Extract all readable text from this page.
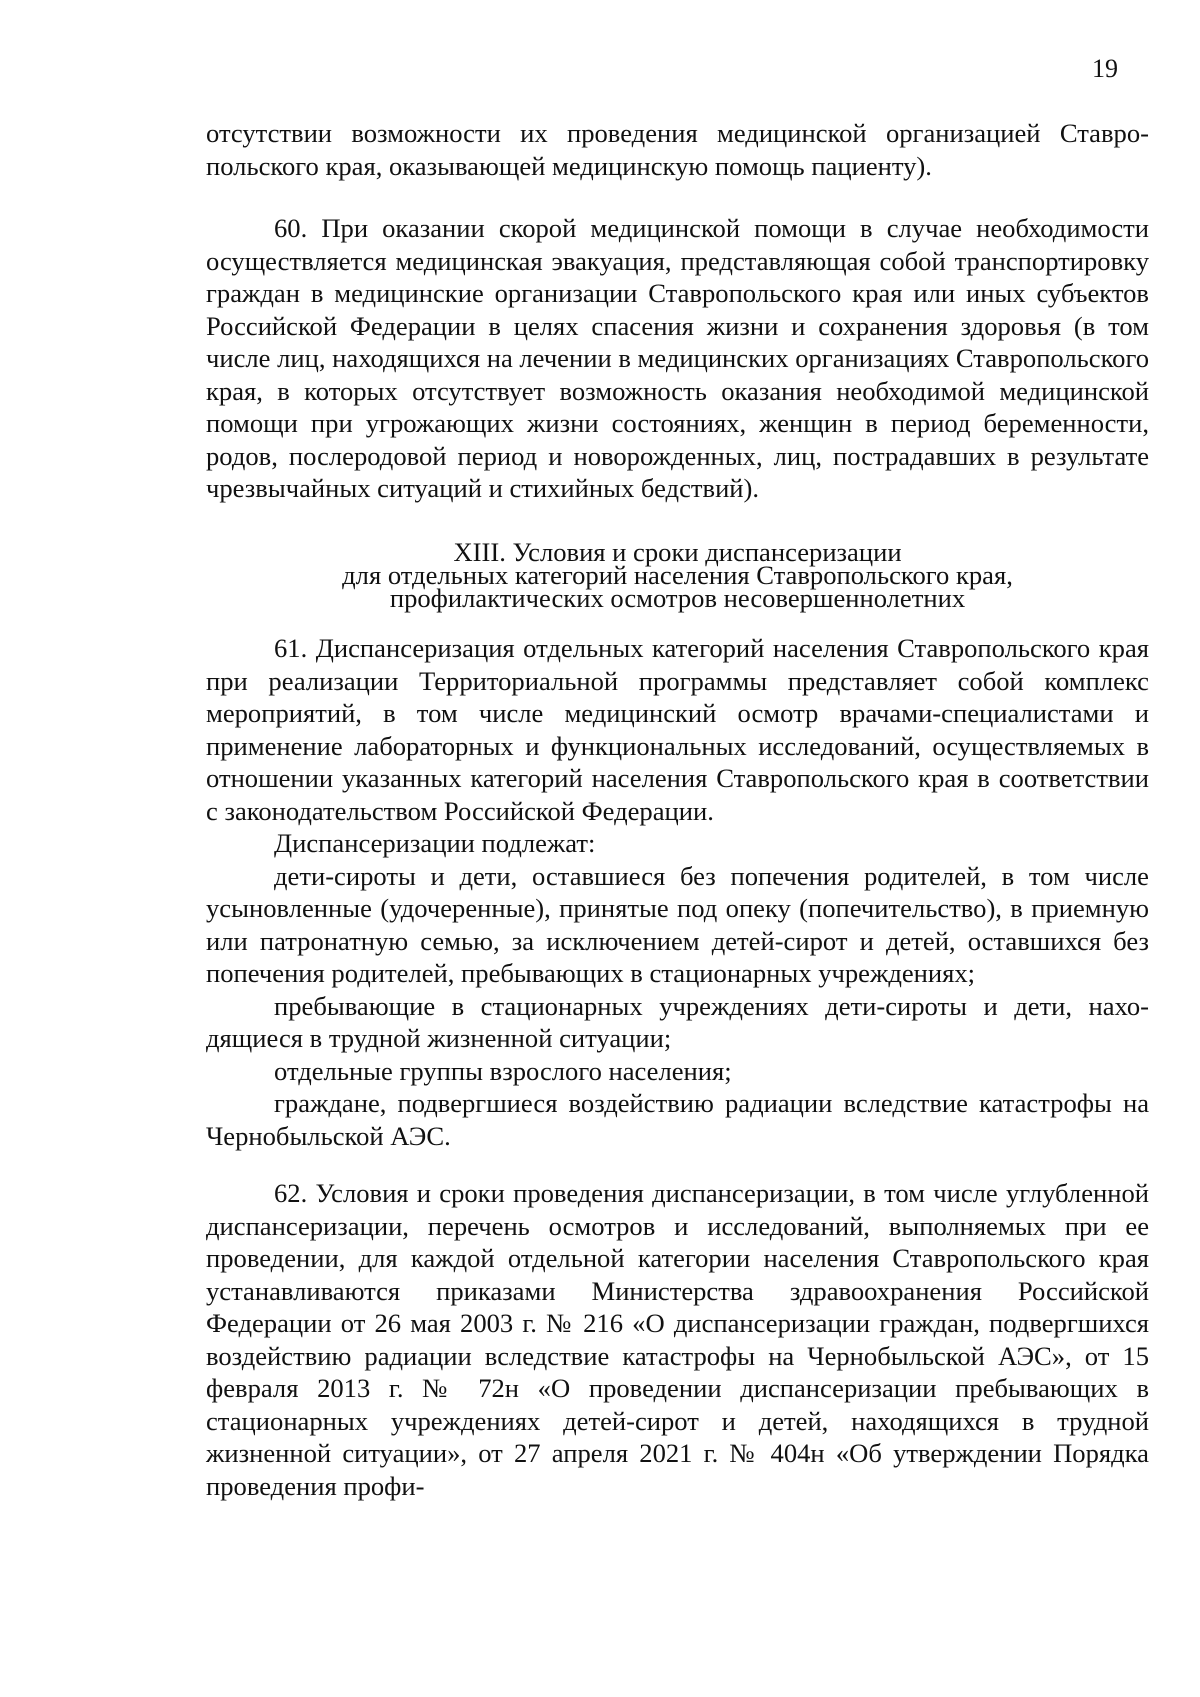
19

отсутствии возможности их проведения медицинской организацией Ставропольского края, оказывающей медицинскую помощь пациенту).

60. При оказании скорой медицинской помощи в случае необходимости осуществляется медицинская эвакуация, представляющая собой транспортировку граждан в медицинские организации Ставропольского края или иных субъектов Российской Федерации в целях спасения жизни и сохранения здоровья (в том числе лиц, находящихся на лечении в медицинских организациях Ставропольского края, в которых отсутствует возможность оказания необходимой медицинской помощи при угрожающих жизни состояниях, женщин в период беременности, родов, послеродовой период и новорожденных, лиц, пострадавших в результате чрезвычайных ситуаций и стихийных бедствий).

XIII. Условия и сроки диспансеризации
для отдельных категорий населения Ставропольского края,
профилактических осмотров несовершеннолетних

61. Диспансеризация отдельных категорий населения Ставропольского края при реализации Территориальной программы представляет собой комплекс мероприятий, в том числе медицинский осмотр врачами-специалистами и применение лабораторных и функциональных исследований, осуществляемых в отношении указанных категорий населения Ставропольского края в соответствии с законодательством Российской Федерации.

Диспансеризации подлежат:

дети-сироты и дети, оставшиеся без попечения родителей, в том числе усыновленные (удочеренные), принятые под опеку (попечительство), в приемную или патронатную семью, за исключением детей-сирот и детей, оставшихся без попечения родителей, пребывающих в стационарных учреждениях;

пребывающие в стационарных учреждениях дети-сироты и дети, находящиеся в трудной жизненной ситуации;

отдельные группы взрослого населения;

граждане, подвергшиеся воздействию радиации вследствие катастрофы на Чернобыльской АЭС.

62. Условия и сроки проведения диспансеризации, в том числе углубленной диспансеризации, перечень осмотров и исследований, выполняемых при ее проведении, для каждой отдельной категории населения Ставропольского края устанавливаются приказами Министерства здравоохранения Российской Федерации от 26 мая 2003 г. № 216 «О диспансеризации граждан, подвергшихся воздействию радиации вследствие катастрофы на Чернобыльской АЭС», от 15 февраля 2013 г. № 72н «О проведении диспансеризации пребывающих в стационарных учреждениях детей-сирот и детей, находящихся в трудной жизненной ситуации», от 27 апреля 2021 г. № 404н «Об утверждении Порядка проведения профи-
